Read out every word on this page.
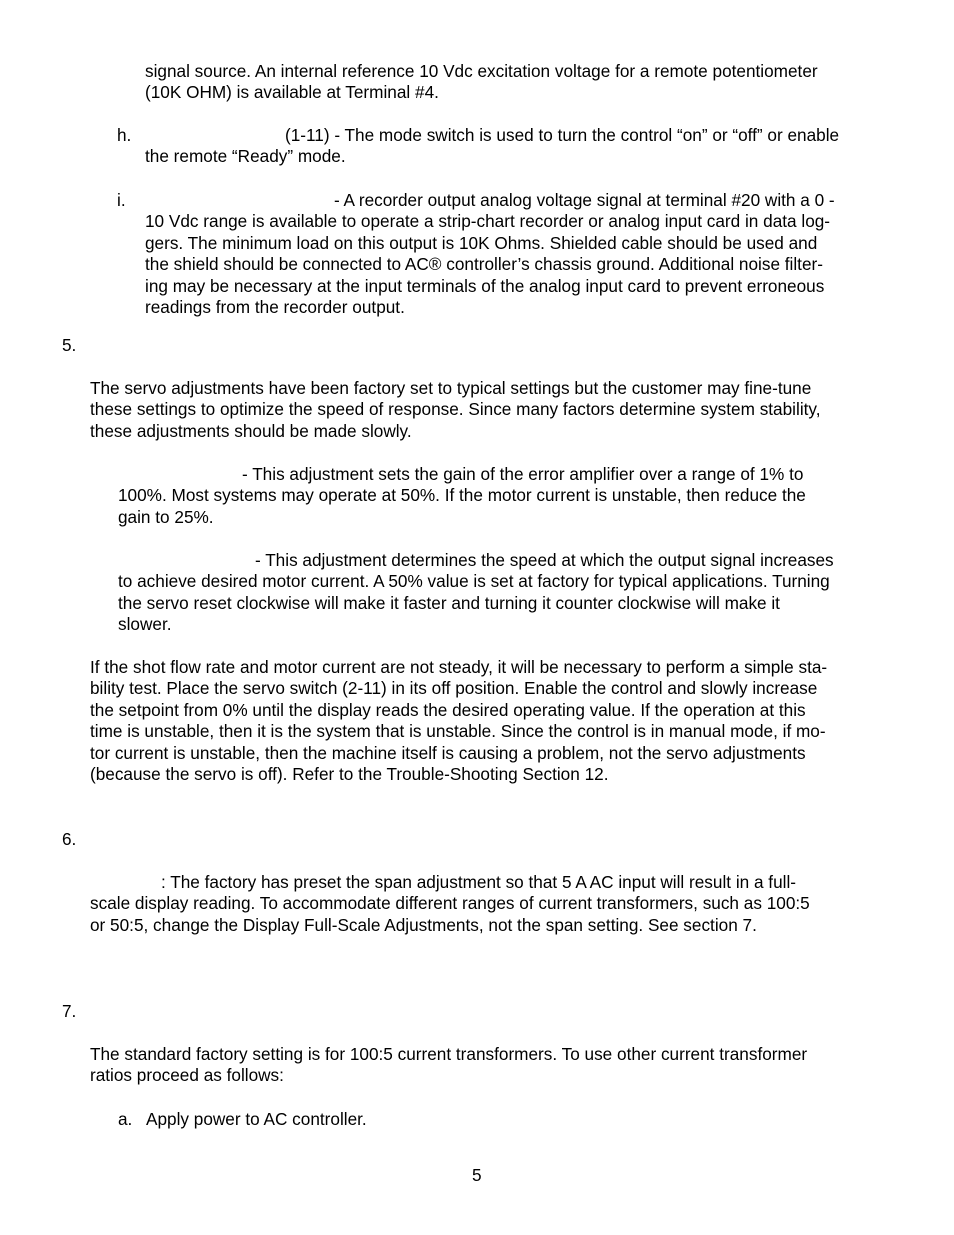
signal source. An internal reference 10 Vdc excitation voltage for a remote potentiometer
(10K OHM) is available at Terminal #4.
h.	(1-11) - The mode switch is used to turn the control “on” or “off” or enable
the remote “Ready” mode.
i.	- A recorder output analog voltage signal at terminal #20 with a 0 -
10 Vdc range is available to operate a strip-chart recorder or analog input card in data log-
gers. The minimum load on this output is 10K Ohms. Shielded cable should be used and
the shield should be connected to AC® controller’s chassis ground. Additional noise filter-
ing may be necessary at the input terminals of the analog input card to prevent erroneous
readings from the recorder output.
5.
The servo adjustments have been factory set to typical settings but the customer may fine-tune
these settings to optimize the speed of response. Since many factors determine system stability,
these adjustments should be made slowly.
- This adjustment sets the gain of the error amplifier over a range of 1% to
100%. Most systems may operate at 50%. If the motor current is unstable, then reduce the
gain to 25%.
- This adjustment determines the speed at which the output signal increases
to achieve desired motor current. A 50% value is set at factory for typical applications. Turning
the servo reset clockwise will make it faster and turning it counter clockwise will make it
slower.
If the shot flow rate and motor current are not steady, it will be necessary to perform a simple sta-
bility test. Place the servo switch (2-11) in its off position. Enable the control and slowly increase
the setpoint from 0% until the display reads the desired operating value. If the operation at this
time is unstable, then it is the system that is unstable. Since the control is in manual mode, if mo-
tor current is unstable, then the machine itself is causing a problem, not the servo adjustments
(because the servo is off). Refer to the Trouble-Shooting Section 12.
6.
: The factory has preset the span adjustment so that 5 A AC input will result in a full-
scale display reading. To accommodate different ranges of current transformers, such as 100:5
or 50:5, change the Display Full-Scale Adjustments, not the span setting. See section 7.
7.
The standard factory setting is for 100:5 current transformers. To use other current transformer
ratios proceed as follows:
a. Apply power to AC controller.
5
